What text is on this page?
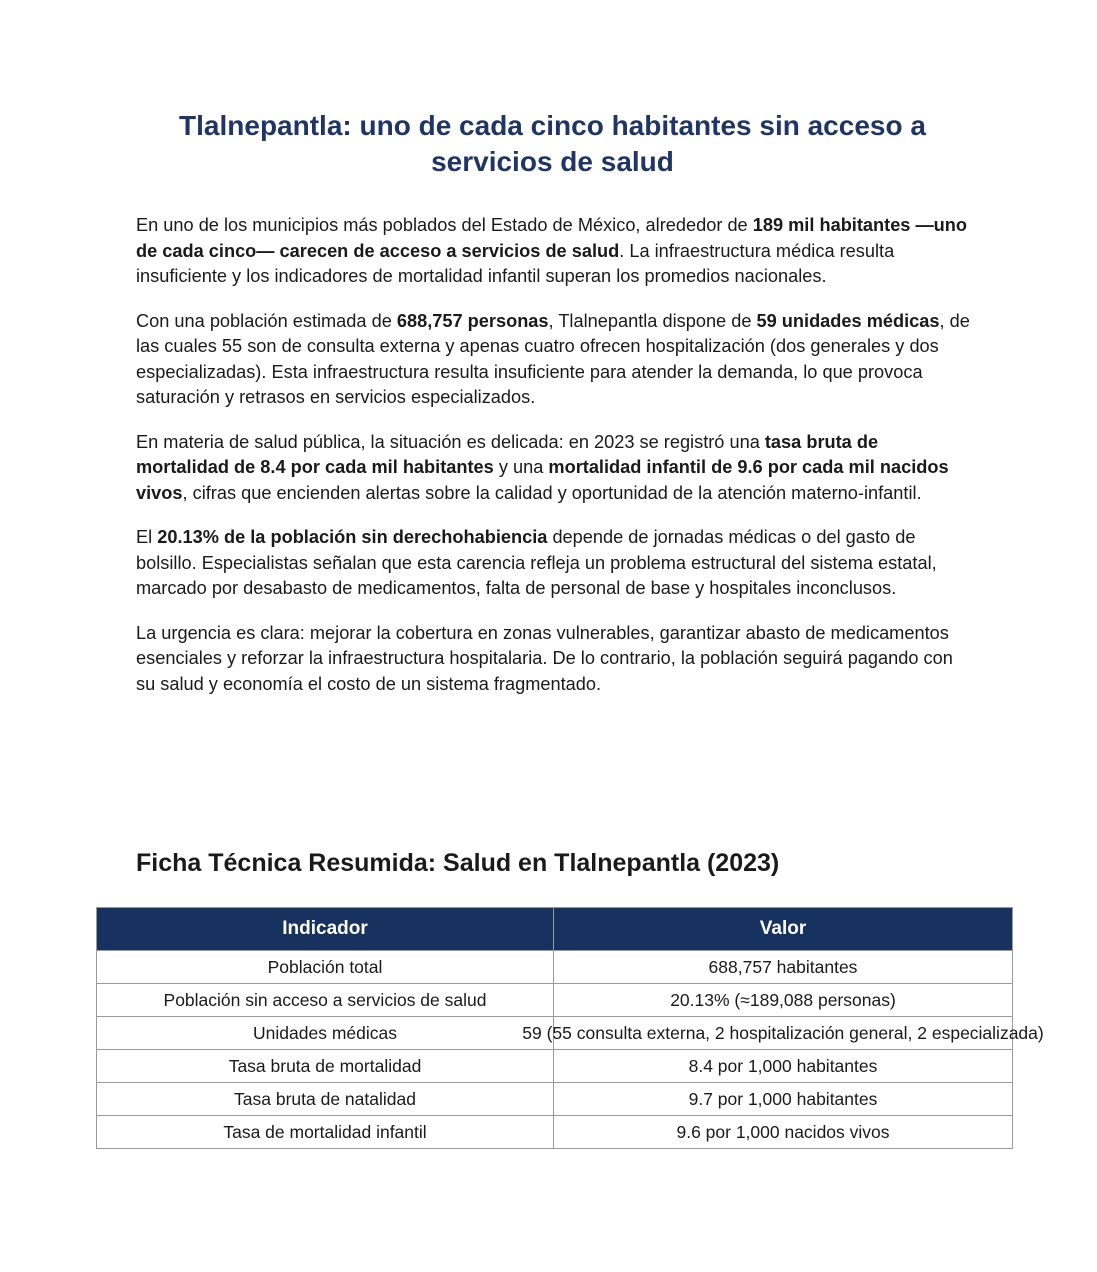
Tlalnepantla: uno de cada cinco habitantes sin acceso a servicios de salud

En uno de los municipios más poblados del Estado de México, alrededor de 189 mil habitantes —uno de cada cinco— carecen de acceso a servicios de salud. La infraestructura médica resulta insuficiente y los indicadores de mortalidad infantil superan los promedios nacionales.

Con una población estimada de 688,757 personas, Tlalnepantla dispone de 59 unidades médicas, de las cuales 55 son de consulta externa y apenas cuatro ofrecen hospitalización (dos generales y dos especializadas). Esta infraestructura resulta insuficiente para atender la demanda, lo que provoca saturación y retrasos en servicios especializados.

En materia de salud pública, la situación es delicada: en 2023 se registró una tasa bruta de mortalidad de 8.4 por cada mil habitantes y una mortalidad infantil de 9.6 por cada mil nacidos vivos, cifras que encienden alertas sobre la calidad y oportunidad de la atención materno-infantil.

El 20.13% de la población sin derechohabiencia depende de jornadas médicas o del gasto de bolsillo. Especialistas señalan que esta carencia refleja un problema estructural del sistema estatal, marcado por desabasto de medicamentos, falta de personal de base y hospitales inconclusos.

La urgencia es clara: mejorar la cobertura en zonas vulnerables, garantizar abasto de medicamentos esenciales y reforzar la infraestructura hospitalaria. De lo contrario, la población seguirá pagando con su salud y economía el costo de un sistema fragmentado.

Ficha Técnica Resumida: Salud en Tlalnepantla (2023)
Indicador	Valor
Población total	688,757 habitantes
Población sin acceso a servicios de salud	20.13% (≈189,088 personas)
Unidades médicas	59 (55 consulta externa, 2 hospitalización general, 2 especializada)

Tasa bruta de mortalidad	8.4 por 1,000 habitantes
Tasa bruta de natalidad	9.7 por 1,000 habitantes
Tasa de mortalidad infantil	9.6 por 1,000 nacidos vivos
